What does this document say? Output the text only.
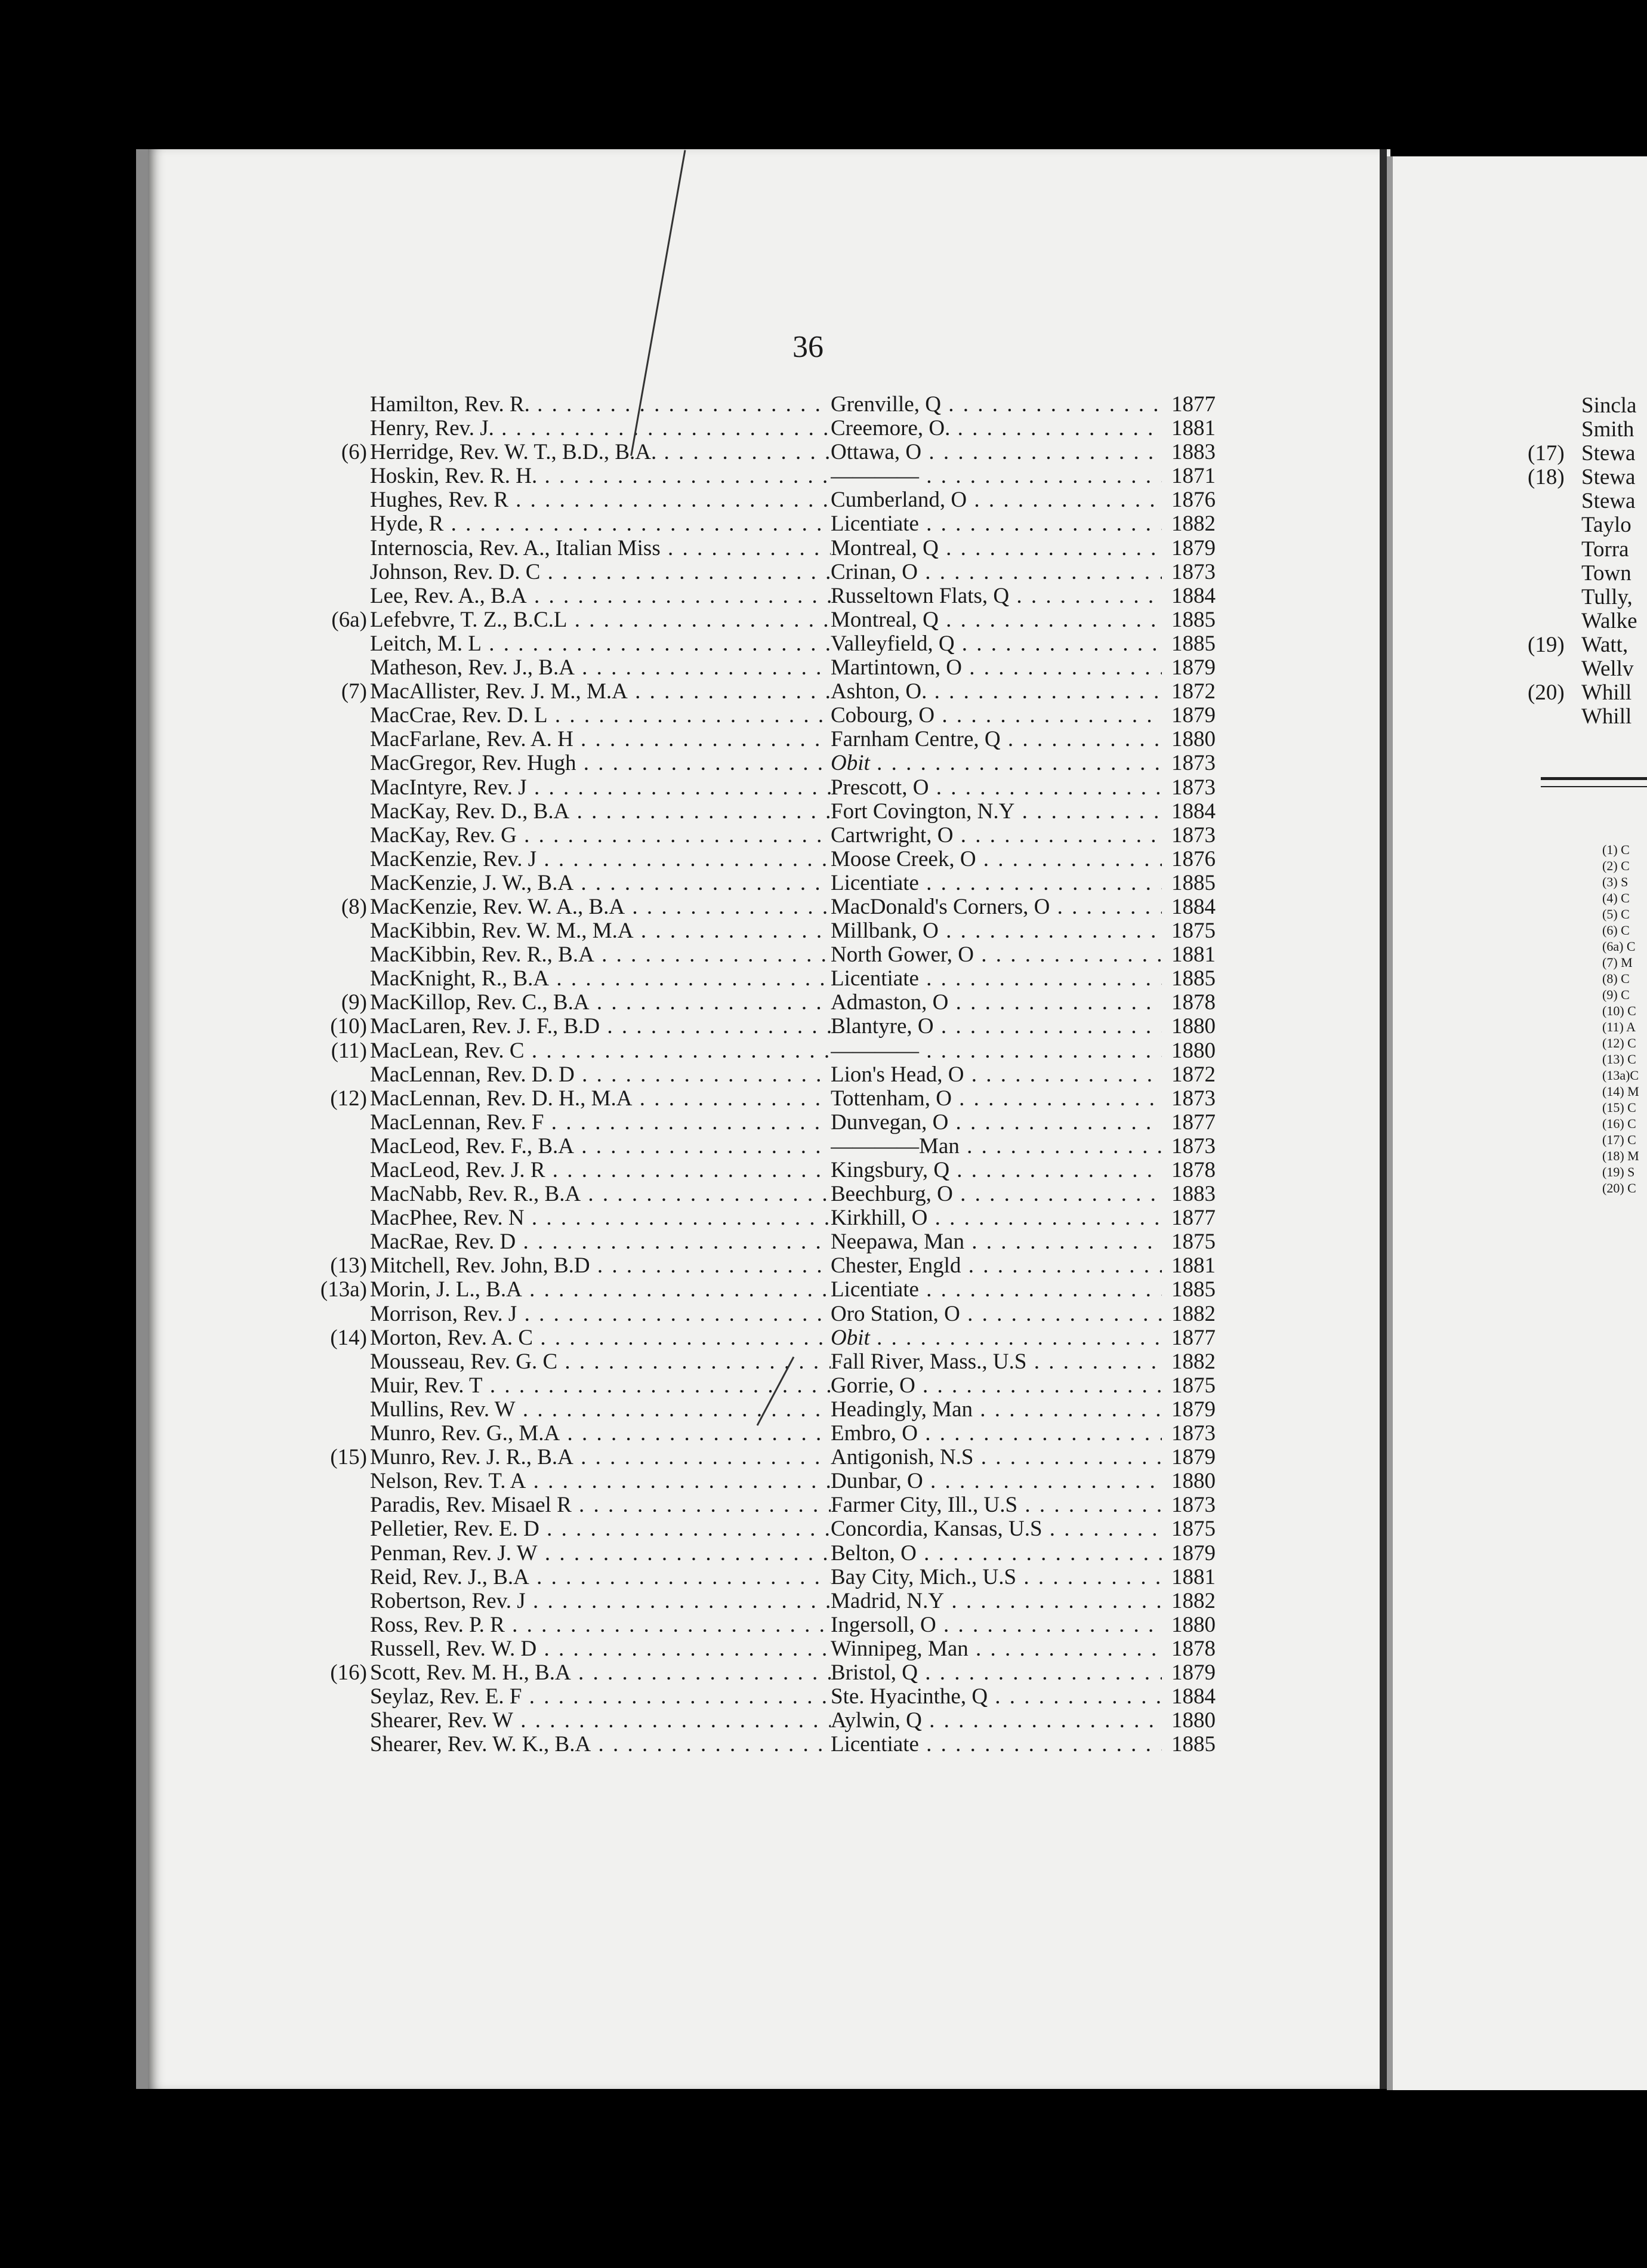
36
Hamilton, Rev. R. . . .	Grenville, Q . . .	1877
Henry, Rev. J. . . .	Creemore, O. . . .	1881
(6) Herridge, Rev. W. T., B.D., B.A. . . .	Ottawa, O . . .	1883
Hoskin, Rev. R. H. . . .	———— . . .	1871
Hughes, Rev. R . . .	Cumberland, O . . .	1876
Hyde, R . . .	Licentiate . . .	1882
Internoscia, Rev. A., Italian Miss . . .	Montreal, Q . . .	1879
Johnson, Rev. D. C . . .	Crinan, O . . .	1873
Lee, Rev. A., B.A . . .	Russeltown Flats, Q . . .	1884
(6a) Lefebvre, T. Z., B.C.L . . .	Montreal, Q . . .	1885
Leitch, M. L . . .	Valleyfield, Q . . .	1885
Matheson, Rev. J., B.A . . .	Martintown, O . . .	1879
(7) MacAllister, Rev. J. M., M.A . . .	Ashton, O. . . .	1872
MacCrae, Rev. D. L . . .	Cobourg, O . . .	1879
MacFarlane, Rev. A. H . . .	Farnham Centre, Q . . .	1880
MacGregor, Rev. Hugh . . .	Obit . . .	1873
MacIntyre, Rev. J . . .	Prescott, O . . .	1873
MacKay, Rev. D., B.A . . .	Fort Covington, N.Y . . .	1884
MacKay, Rev. G . . .	Cartwright, O . . .	1873
MacKenzie, Rev. J . . .	Moose Creek, O . . .	1876
MacKenzie, J. W., B.A . . .	Licentiate . . .	1885
(8) MacKenzie, Rev. W. A., B.A . . .	MacDonald's Corners, O . . .	1884
MacKibbin, Rev. W. M., M.A . . .	Millbank, O . . .	1875
MacKibbin, Rev. R., B.A . . .	North Gower, O . . .	1881
MacKnight, R., B.A . . .	Licentiate . . .	1885
(9) MacKillop, Rev. C., B.A . . .	Admaston, O . . .	1878
(10) MacLaren, Rev. J. F., B.D . . .	Blantyre, O . . .	1880
(11) MacLean, Rev. C . . .	———— . . .	1880
MacLennan, Rev. D. D . . .	Lion's Head, O . . .	1872
(12) MacLennan, Rev. D. H., M.A . . .	Tottenham, O . . .	1873
MacLennan, Rev. F . . .	Dunvegan, O . . .	1877
MacLeod, Rev. F., B.A . . .	————Man . . .	1873
MacLeod, Rev. J. R . . .	Kingsbury, Q . . .	1878
MacNabb, Rev. R., B.A . . .	Beechburg, O . . .	1883
MacPhee, Rev. N . . .	Kirkhill, O . . .	1877
MacRae, Rev. D . . .	Neepawa, Man . . .	1875
(13) Mitchell, Rev. John, B.D . . .	Chester, Engld . . .	1881
(13a) Morin, J. L., B.A . . .	Licentiate . . .	1885
Morrison, Rev. J . . .	Oro Station, O . . .	1882
(14) Morton, Rev. A. C . . .	Obit . . .	1877
Mousseau, Rev. G. C . . .	Fall River, Mass., U.S . . .	1882
Muir, Rev. T . . .	Gorrie, O . . .	1875
Mullins, Rev. W . . .	Headingly, Man . . .	1879
Munro, Rev. G., M.A . . .	Embro, O . . .	1873
(15) Munro, Rev. J. R., B.A . . .	Antigonish, N.S . . .	1879
Nelson, Rev. T. A . . .	Dunbar, O . . .	1880
Paradis, Rev. Misael R . . .	Farmer City, Ill., U.S . . .	1873
Pelletier, Rev. E. D . . .	Concordia, Kansas, U.S . . .	1875
Penman, Rev. J. W . . .	Belton, O . . .	1879
Reid, Rev. J., B.A . . .	Bay City, Mich., U.S . . .	1881
Robertson, Rev. J . . .	Madrid, N.Y . . .	1882
Ross, Rev. P. R . . .	Ingersoll, O . . .	1880
Russell, Rev. W. D . . .	Winnipeg, Man . . .	1878
(16) Scott, Rev. M. H., B.A . . .	Bristol, Q . . .	1879
Seylaz, Rev. E. F . . .	Ste. Hyacinthe, Q . . .	1884
Shearer, Rev. W . . .	Aylwin, Q . . .	1880
Shearer, Rev. W. K., B.A . . .	Licentiate . . .	1885
Sincla
Smith
(17) Stewa
(18) Stewa
Stewa
Taylo
Torra
Town
Tully,
Walke
(19) Watt,
Wellv
(20) Whill
Whill
(1) C
(2) C
(3) S
(4) C
(5) C
(6) C
(6a) C
(7) M
(8) C
(9) C
(10) C
(11) A
(12) C
(13) C
(13a)C
(14) M
(15) C
(16) C
(17) C
(18) M
(19) S
(20) C
